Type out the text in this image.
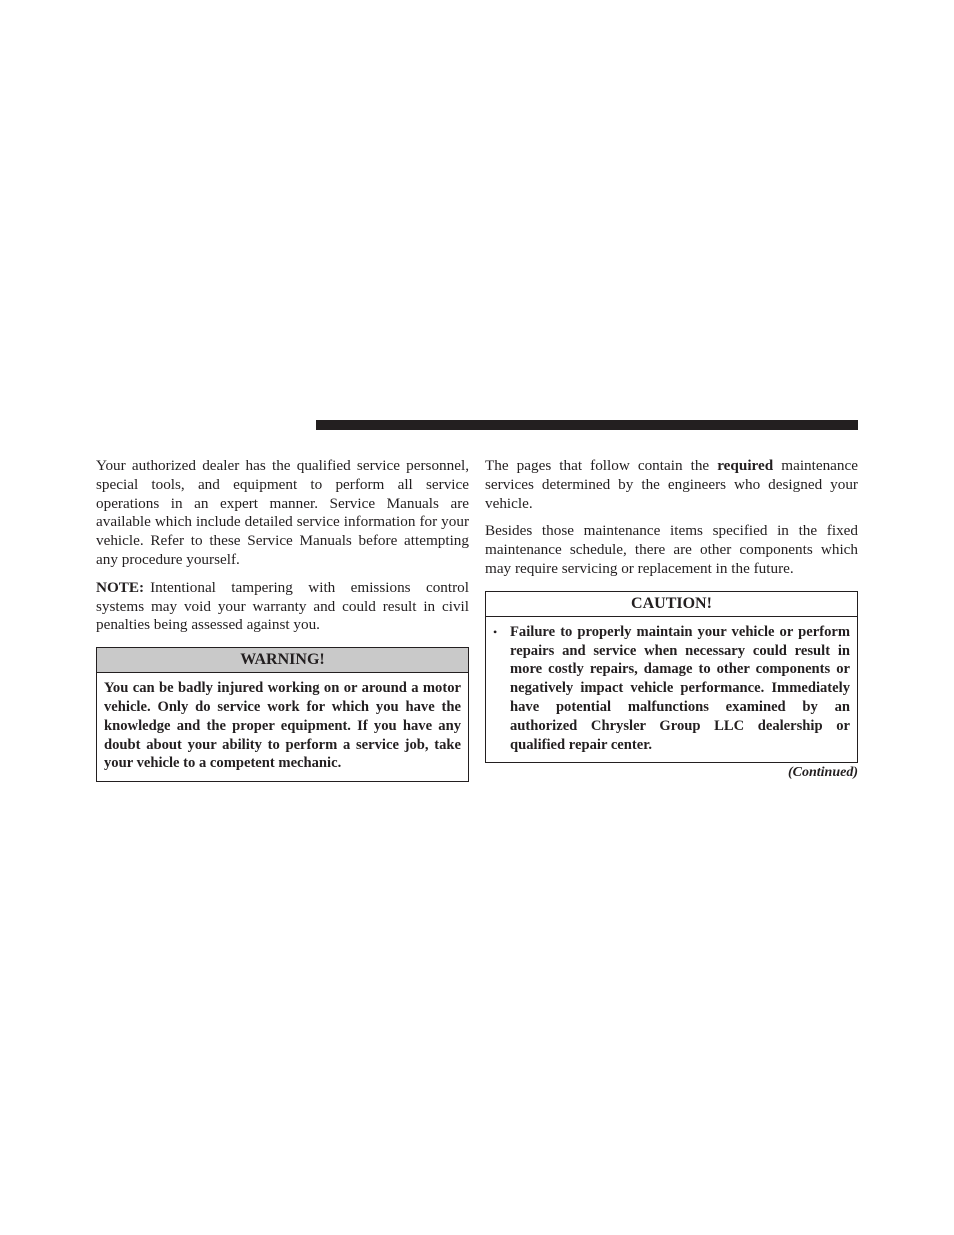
Your authorized dealer has the qualified service personnel, special tools, and equipment to perform all service operations in an expert manner. Service Manuals are available which include detailed service information for your vehicle. Refer to these Service Manuals before attempting any procedure yourself.

NOTE: Intentional tampering with emissions control systems may void your warranty and could result in civil penalties being assessed against you.

WARNING!
You can be badly injured working on or around a motor vehicle. Only do service work for which you have the knowledge and the proper equipment. If you have any doubt about your ability to perform a service job, take your vehicle to a competent mechanic.

The pages that follow contain the required maintenance services determined by the engineers who designed your vehicle.

Besides those maintenance items specified in the fixed maintenance schedule, there are other components which may require servicing or replacement in the future.

CAUTION!
• Failure to properly maintain your vehicle or perform repairs and service when necessary could result in more costly repairs, damage to other components or negatively impact vehicle performance. Immediately have potential malfunctions examined by an authorized Chrysler Group LLC dealership or qualified repair center.
(Continued)
